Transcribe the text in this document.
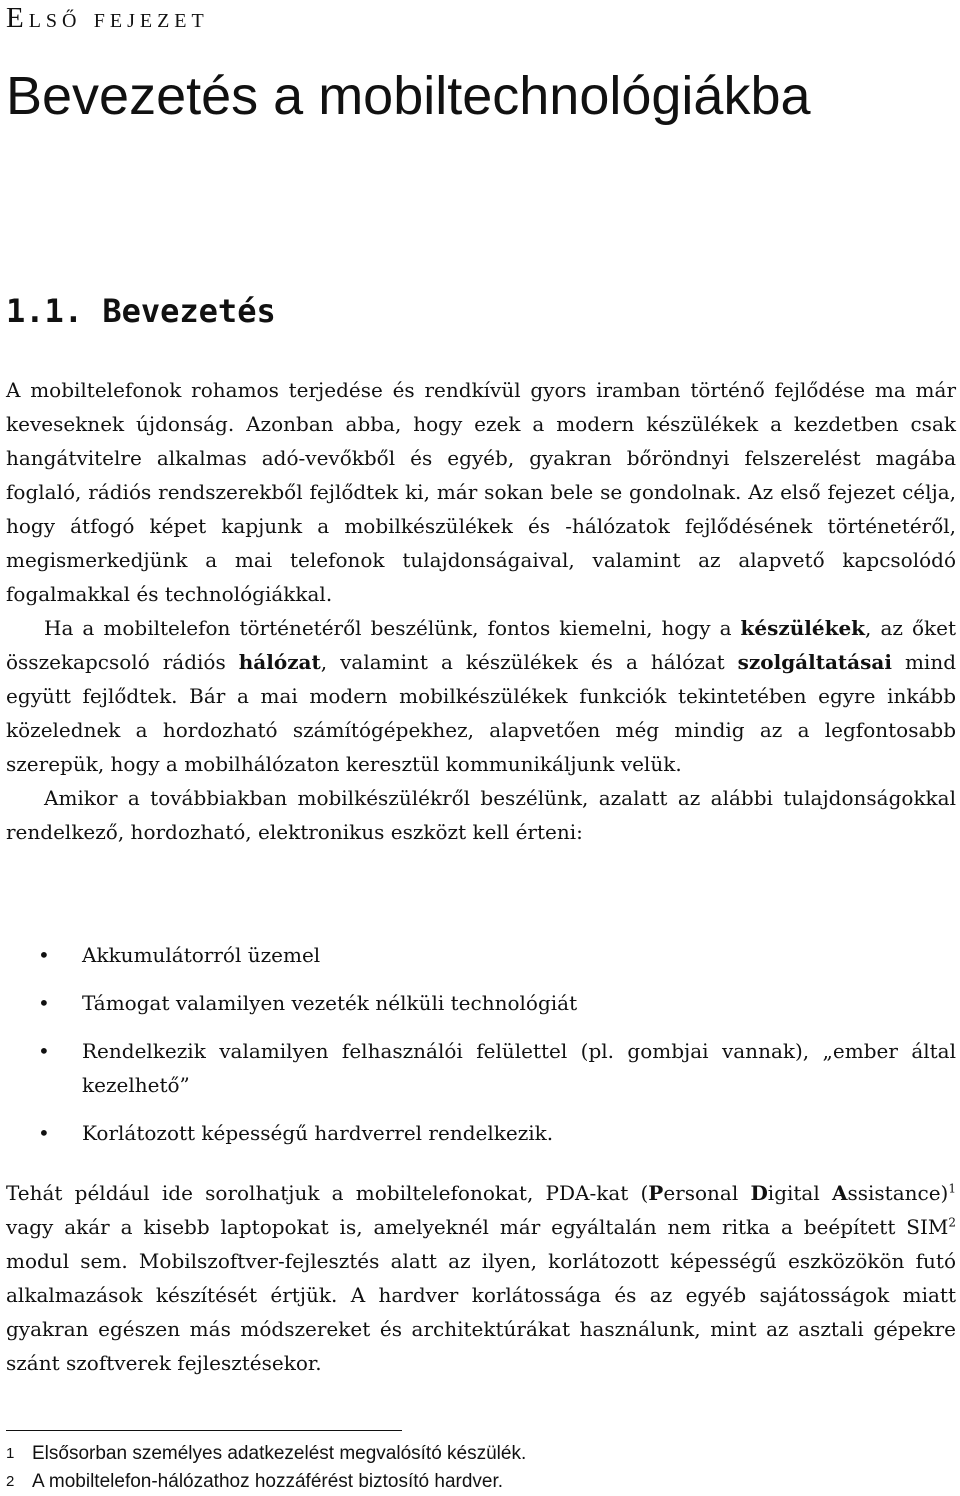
Első fejezet
Bevezetés a mobiltechnológiákba
1.1. Bevezetés

A mobiltelefonok rohamos terjedése és rendkívül gyors iramban történő fejlődése ma már keveseknek újdonság. Azonban abba, hogy ezek a modern készülékek a kezdetben csak hangátvitelre alkalmas adó-vevőkből és egyéb, gyakran bőröndnyi felszerelést magába foglaló, rádiós rendszerekből fejlődtek ki, már sokan bele se gondolnak. Az első fejezet célja, hogy átfogó képet kapjunk a mobilkészülékek és -hálózatok fejlődésének történetéről, megismerkedjünk a mai telefonok tulajdonságaival, valamint az alapvető kapcsolódó fogalmakkal és technológiákkal.

Ha a mobiltelefon történetéről beszélünk, fontos kiemelni, hogy a készülékek, az őket összekapcsoló rádiós hálózat, valamint a készülékek és a hálózat szolgáltatásai mind együtt fejlődtek. Bár a mai modern mobilkészülékek funkciók tekintetében egyre inkább közelednek a hordozható számítógépekhez, alapvetően még mindig az a legfontosabb szerepük, hogy a mobilhálózaton keresztül kommunikáljunk velük.

Amikor a továbbiakban mobilkészülékről beszélünk, azalatt az alábbi tulajdonságokkal rendelkező, hordozható, elektronikus eszközt kell érteni:

• Akkumulátorról üzemel
• Támogat valamilyen vezeték nélküli technológiát
• Rendelkezik valamilyen felhasználói felülettel (pl. gombjai vannak), „ember által kezelhető”
• Korlátozott képességű hardverrel rendelkezik.

Tehát például ide sorolhatjuk a mobiltelefonokat, PDA-kat (Personal Digital Assistance)$^1$ vagy akár a kisebb laptopokat is, amelyeknél már egyáltalán nem ritka a beépített SIM$^2$ modul sem. Mobilszoftver-fejlesztés alatt az ilyen, korlátozott képességű eszközökön futó alkalmazások készítését értjük. A hardver korlátossága és az egyéb sajátosságok miatt gyakran egészen más módszereket és architektúrákat használunk, mint az asztali gépekre szánt szoftverek fejlesztésekor.

1 Elsősorban személyes adatkezelést megvalósító készülék.
2 A mobiltelefon-hálózathoz hozzáférést biztosító hardver.
